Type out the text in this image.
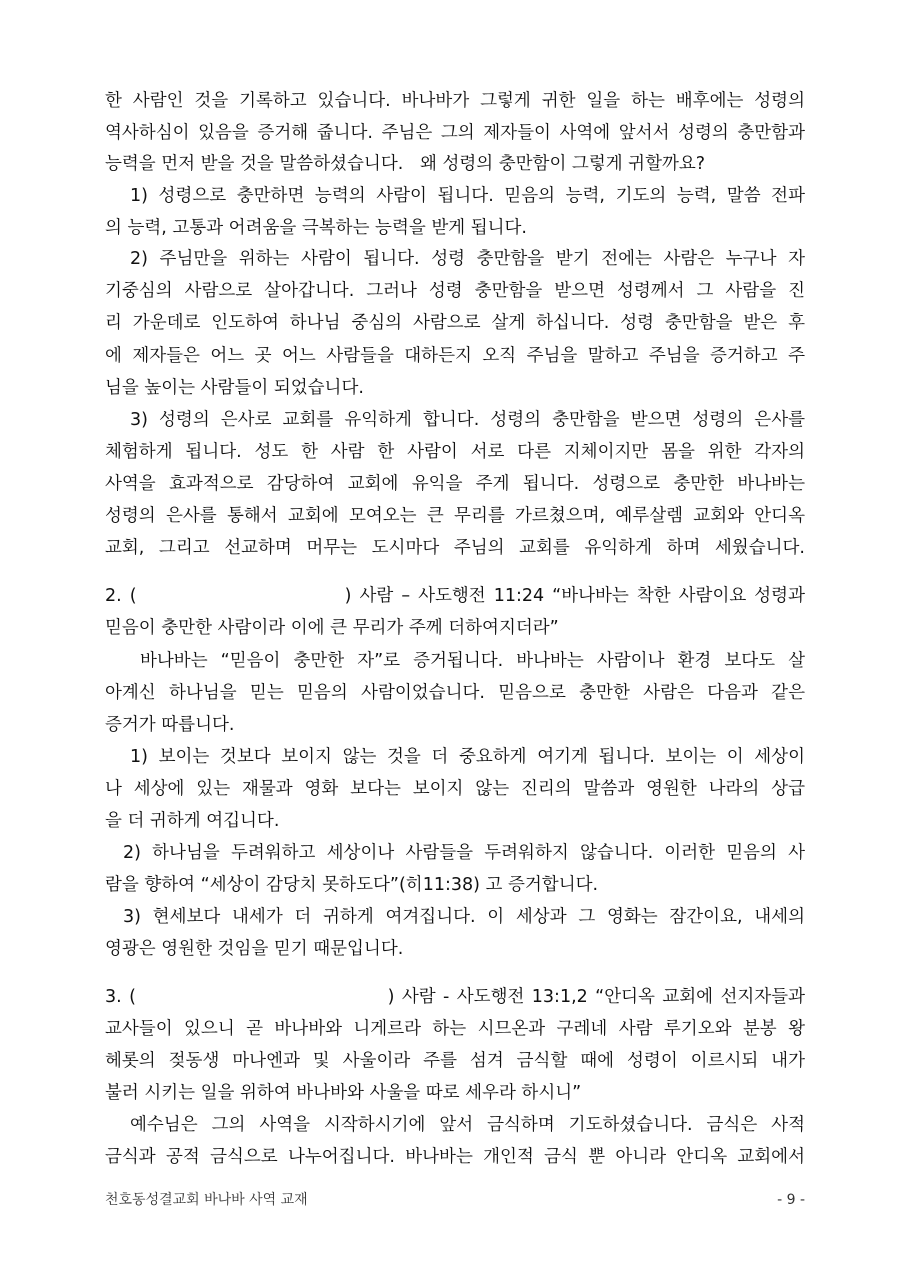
한 사람인 것을 기록하고 있습니다. 바나바가 그렇게 귀한 일을 하는 배후에는 성령의
역사하심이 있음을 증거해 줍니다. 주님은 그의 제자들이 사역에 앞서서 성령의 충만함과
능력을 먼저 받을 것을 말씀하셨습니다.   왜 성령의 충만함이 그렇게 귀할까요?
1) 성령으로 충만하면 능력의 사람이 됩니다. 믿음의 능력, 기도의 능력, 말씀 전파
의 능력, 고통과 어려움을 극복하는 능력을 받게 됩니다.
2) 주님만을 위하는 사람이 됩니다. 성령 충만함을 받기 전에는 사람은 누구나 자
기중심의 사람으로 살아갑니다. 그러나 성령 충만함을 받으면 성령께서 그 사람을 진
리 가운데로 인도하여 하나님 중심의 사람으로 살게 하십니다. 성령 충만함을 받은 후
에 제자들은 어느 곳 어느 사람들을 대하든지 오직 주님을 말하고 주님을 증거하고 주
님을 높이는 사람들이 되었습니다.
3) 성령의 은사로 교회를 유익하게 합니다. 성령의 충만함을 받으면 성령의 은사를
체험하게 됩니다. 성도 한 사람 한 사람이 서로 다른 지체이지만 몸을 위한 각자의
사역을 효과적으로 감당하여 교회에 유익을 주게 됩니다. 성령으로 충만한 바나바는
성령의 은사를 통해서 교회에 모여오는 큰 무리를 가르쳤으며, 예루살렘 교회와 안디옥
교회, 그리고 선교하며 머무는 도시마다 주님의 교회를 유익하게 하며 세웠습니다.
2. (                          ) 사람 – 사도행전 11:24 “바나바는 착한 사람이요 성령과
믿음이 충만한 사람이라 이에 큰 무리가 주께 더하여지더라”
바나바는 “믿음이 충만한 자”로 증거됩니다. 바나바는 사람이나 환경 보다도 살
아계신 하나님을 믿는 믿음의 사람이었습니다. 믿음으로 충만한 사람은 다음과 같은
증거가 따릅니다.
1) 보이는 것보다 보이지 않는 것을 더 중요하게 여기게 됩니다. 보이는 이 세상이
나 세상에 있는 재물과 영화 보다는 보이지 않는 진리의 말씀과 영원한 나라의 상급
을 더 귀하게 여깁니다.
2) 하나님을 두려워하고 세상이나 사람들을 두려워하지 않습니다. 이러한 믿음의 사
람을 향하여 “세상이 감당치 못하도다”(히11:38) 고 증거합니다.
3) 현세보다 내세가 더 귀하게 여겨집니다. 이 세상과 그 영화는 잠간이요, 내세의
영광은 영원한 것임을 믿기 때문입니다.
3. (                                  ) 사람 - 사도행전 13:1,2 “안디옥 교회에 선지자들과
교사들이 있으니 곧 바나바와 니게르라 하는 시므온과 구레네 사람 루기오와 분봉 왕
헤롯의 젖동생 마나엔과 및 사울이라 주를 섬겨 금식할 때에 성령이 이르시되 내가
불러 시키는 일을 위하여 바나바와 사울을 따로 세우라 하시니”
예수님은 그의 사역을 시작하시기에 앞서 금식하며 기도하셨습니다. 금식은 사적
금식과 공적 금식으로 나누어집니다. 바나바는 개인적 금식 뿐 아니라 안디옥 교회에서
천호동성결교회 바나바 사역 교재	- 9 -
